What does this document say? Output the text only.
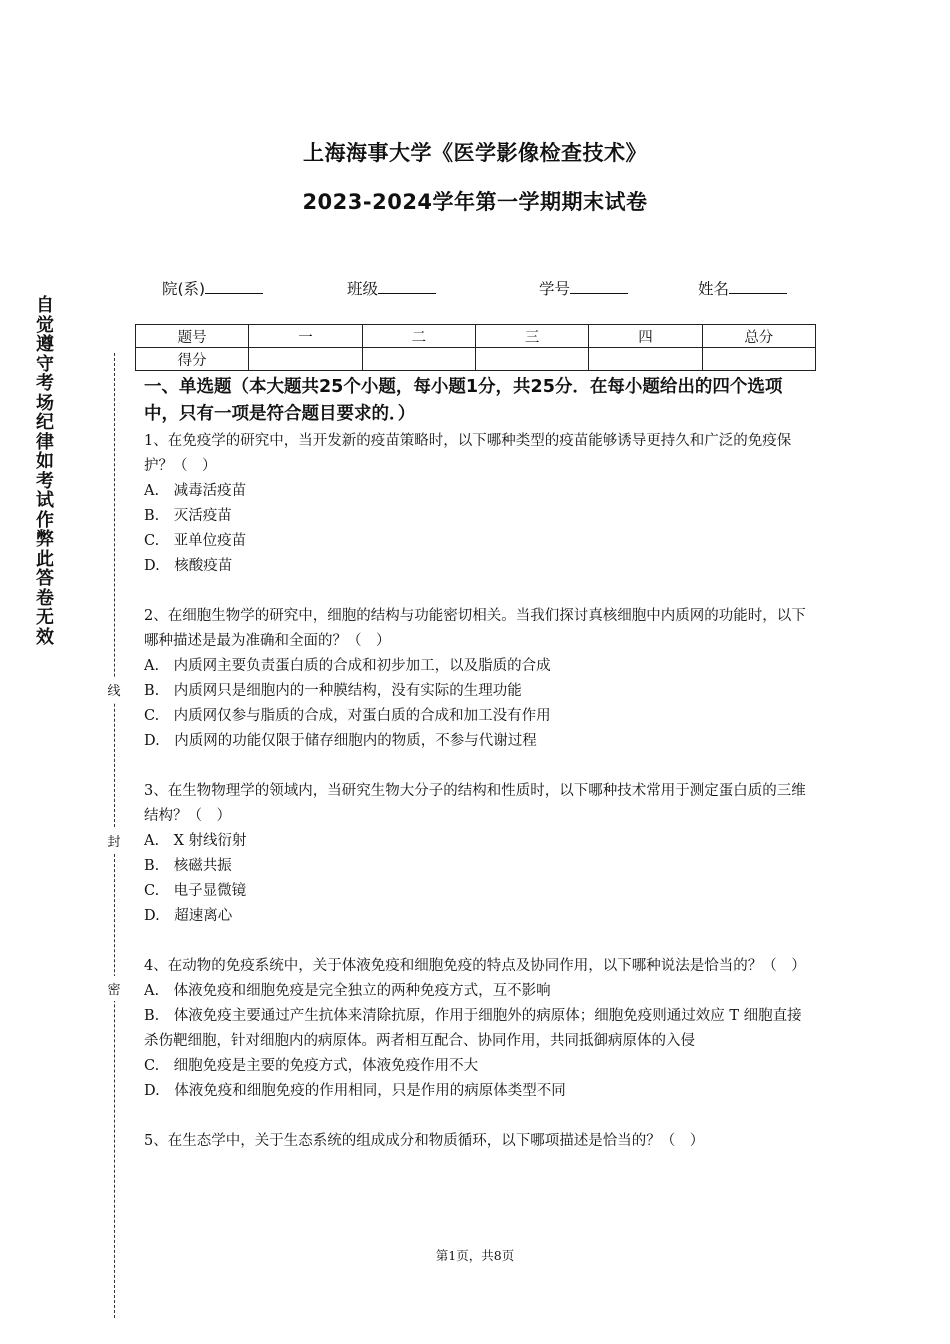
上海海事大学《医学影像检查技术》
2023-2024学年第一学期期末试卷
院(系)	班级	学号	姓名
题号	一	二	三	四	总分
得分					
自觉遵守考场纪律如考试作弊此答卷无效
线
封
密
一、单选题（本大题共25个小题，每小题1分，共25分．在每小题给出的四个选项中，只有一项是符合题目要求的．）

1、在免疫学的研究中，当开发新的疫苗策略时，以下哪种类型的疫苗能够诱导更持久和广泛的免疫保护？（　）

A.　减毒活疫苗

B.　灭活疫苗

C.　亚单位疫苗

D.　核酸疫苗

2、在细胞生物学的研究中，细胞的结构与功能密切相关。当我们探讨真核细胞中内质网的功能时，以下哪种描述是最为准确和全面的？（　）

A.　内质网主要负责蛋白质的合成和初步加工，以及脂质的合成

B.　内质网只是细胞内的一种膜结构，没有实际的生理功能

C.　内质网仅参与脂质的合成，对蛋白质的合成和加工没有作用

D.　内质网的功能仅限于储存细胞内的物质，不参与代谢过程

3、在生物物理学的领域内，当研究生物大分子的结构和性质时，以下哪种技术常用于测定蛋白质的三维结构？（　）

A.　X 射线衍射

B.　核磁共振

C.　电子显微镜

D.　超速离心

4、在动物的免疫系统中，关于体液免疫和细胞免疫的特点及协同作用，以下哪种说法是恰当的？（　）

A.　体液免疫和细胞免疫是完全独立的两种免疫方式，互不影响

B.　体液免疫主要通过产生抗体来清除抗原，作用于细胞外的病原体；细胞免疫则通过效应 T 细胞直接杀伤靶细胞，针对细胞内的病原体。两者相互配合、协同作用，共同抵御病原体的入侵

C.　细胞免疫是主要的免疫方式，体液免疫作用不大

D.　体液免疫和细胞免疫的作用相同，只是作用的病原体类型不同

5、在生态学中，关于生态系统的组成成分和物质循环，以下哪项描述是恰当的？（　）

第1页，共8页
